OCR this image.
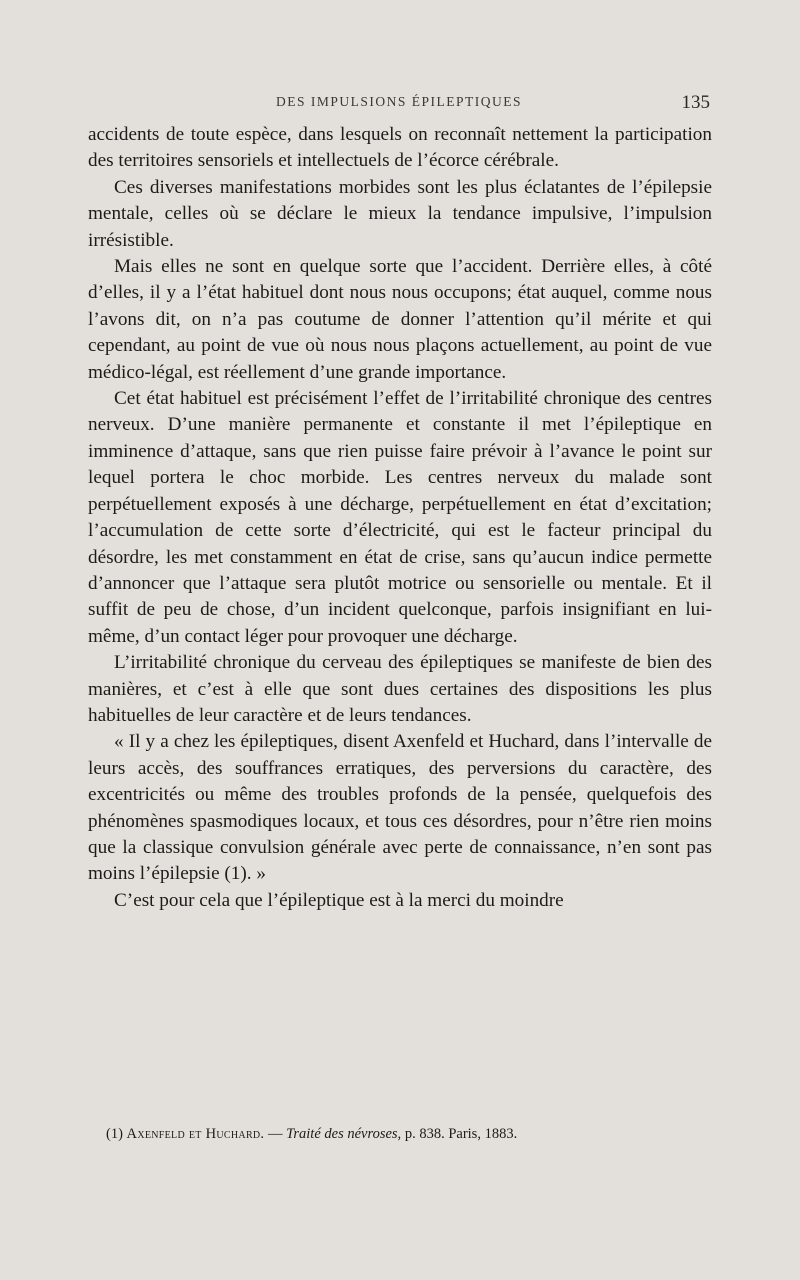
DES IMPULSIONS ÉPILEPTIQUES	135

accidents de toute espèce, dans lesquels on reconnaît nettement la participation des territoires sensoriels et intellectuels de l’écorce cérébrale.

Ces diverses manifestations morbides sont les plus éclatantes de l’épilepsie mentale, celles où se déclare le mieux la tendance impulsive, l’impulsion irrésistible.

Mais elles ne sont en quelque sorte que l’accident. Derrière elles, à côté d’elles, il y a l’état habituel dont nous nous occupons; état auquel, comme nous l’avons dit, on n’a pas coutume de donner l’attention qu’il mérite et qui cependant, au point de vue où nous nous plaçons actuellement, au point de vue médico-légal, est réellement d’une grande importance.

Cet état habituel est précisément l’effet de l’irritabilité chronique des centres nerveux. D’une manière permanente et constante il met l’épileptique en imminence d’attaque, sans que rien puisse faire prévoir à l’avance le point sur lequel portera le choc morbide. Les centres nerveux du malade sont perpétuellement exposés à une décharge, perpétuellement en état d’excitation; l’accumulation de cette sorte d’électricité, qui est le facteur principal du désordre, les met constamment en état de crise, sans qu’aucun indice permette d’annoncer que l’attaque sera plutôt motrice ou sensorielle ou mentale. Et il suffit de peu de chose, d’un incident quelconque, parfois insignifiant en lui-même, d’un contact léger pour provoquer une décharge.

L’irritabilité chronique du cerveau des épileptiques se manifeste de bien des manières, et c’est à elle que sont dues certaines des dispositions les plus habituelles de leur caractère et de leurs tendances.

« Il y a chez les épileptiques, disent Axenfeld et Huchard, dans l’intervalle de leurs accès, des souffrances erratiques, des perversions du caractère, des excentricités ou même des troubles profonds de la pensée, quelquefois des phénomènes spasmodiques locaux, et tous ces désordres, pour n’être rien moins que la classique convulsion générale avec perte de connaissance, n’en sont pas moins l’épilepsie (1). »

C’est pour cela que l’épileptique est à la merci du moindre

(1) Axenfeld et Huchard. — Traité des névroses, p. 838. Paris, 1883.
